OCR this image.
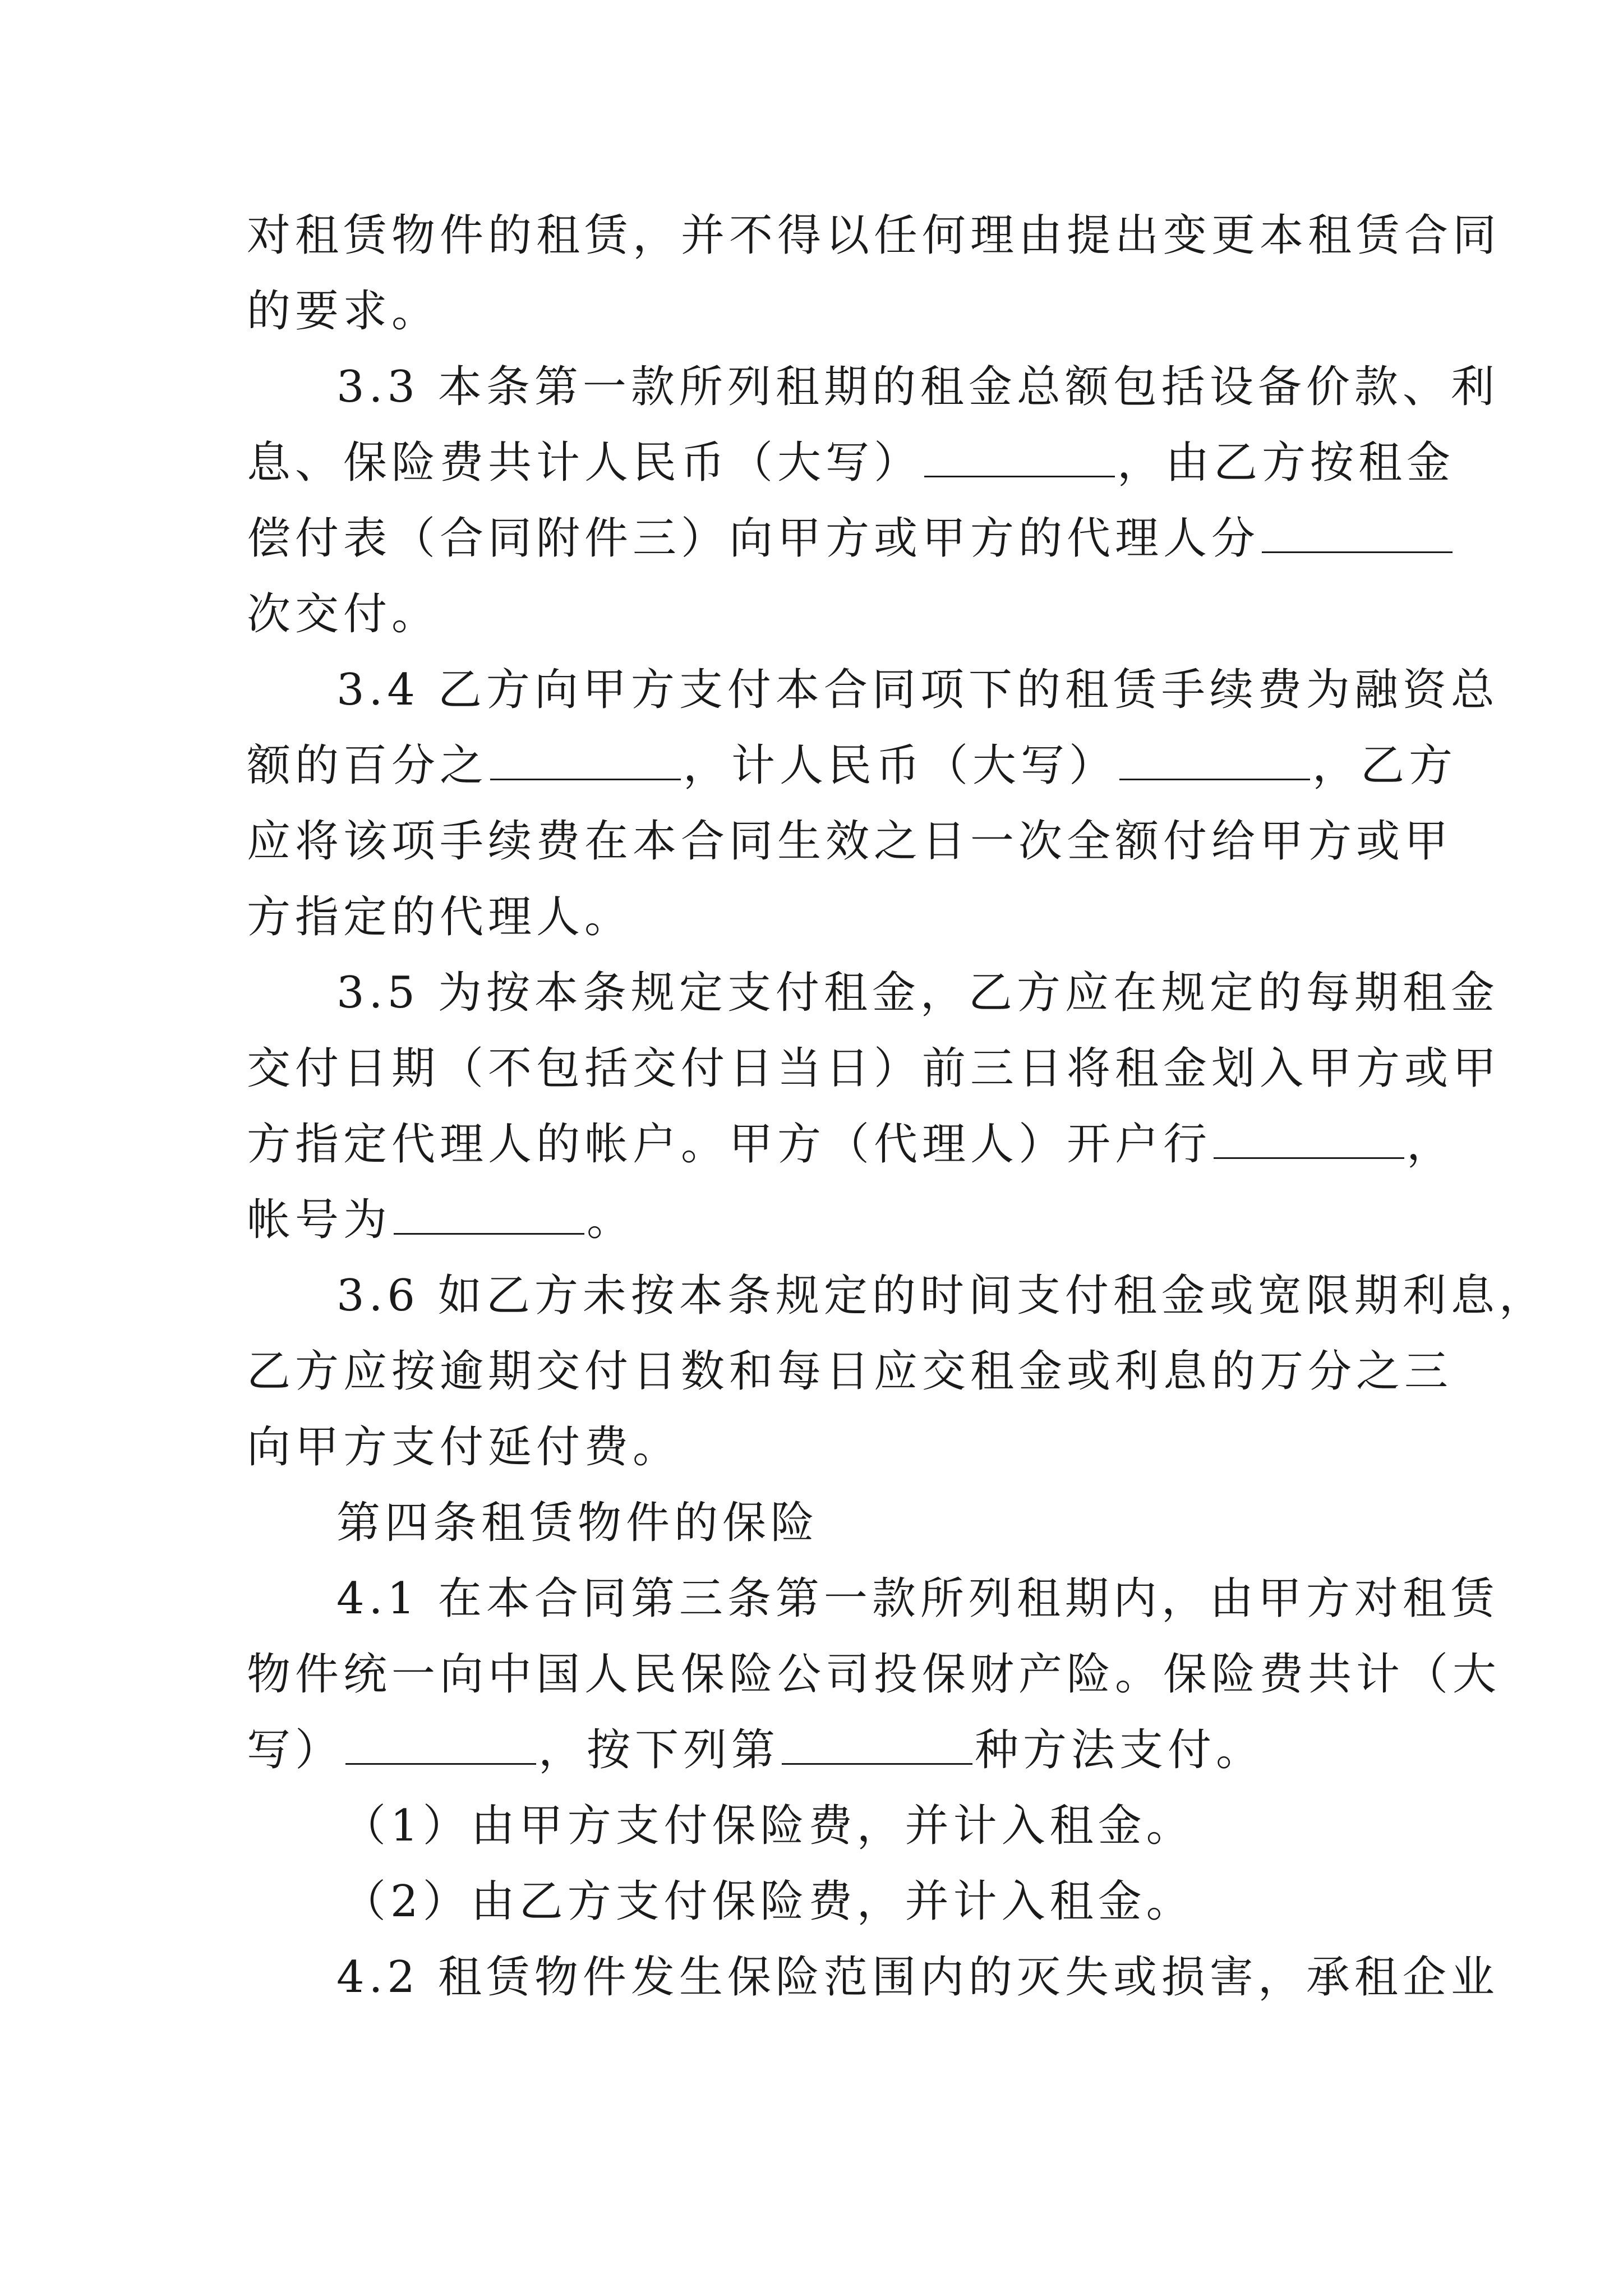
对租赁物件的租赁，并不得以任何理由提出变更本租赁合同
的要求。
3.3 本条第一款所列租期的租金总额包括设备价款、利
息、保险费共计人民币（大写）	，由乙方按租金
偿付表（合同附件三）向甲方或甲方的代理人分
次交付。
3.4 乙方向甲方支付本合同项下的租赁手续费为融资总
额的百分之	，计人民币（大写）	，乙方
应将该项手续费在本合同生效之日一次全额付给甲方或甲
方指定的代理人。
3.5 为按本条规定支付租金，乙方应在规定的每期租金
交付日期（不包括交付日当日）前三日将租金划入甲方或甲
方指定代理人的帐户。甲方（代理人）开户行	，
帐号为	。
3.6 如乙方未按本条规定的时间支付租金或宽限期利息，
乙方应按逾期交付日数和每日应交租金或利息的万分之三
向甲方支付延付费。
第四条租赁物件的保险
4.1 在本合同第三条第一款所列租期内，由甲方对租赁
物件统一向中国人民保险公司投保财产险。保险费共计（大
写）	，按下列第	种方法支付。
（1）由甲方支付保险费，并计入租金。
（2）由乙方支付保险费，并计入租金。
4.2 租赁物件发生保险范围内的灭失或损害，承租企业
